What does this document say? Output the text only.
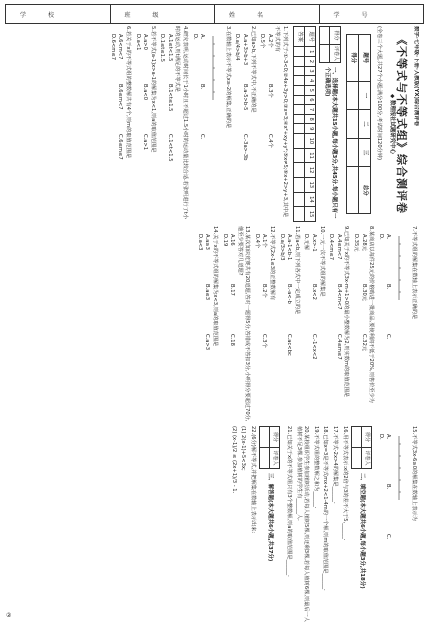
学　校	班　级	姓　名	学　号
数学·七年级·下册·人教版(YX)综合测评卷
《不等式与不等式组》综合测评卷
◆ 数理报社试题研究中心
(全卷三个大题,共27个小题;满分100分,考试时间120分钟)
题号	一	二	三	总分
得分				
得分	评卷人

一、选择题(本大题共15小题,每小题3分,共45分.每小题只有一个正确选项)
题号	1	2	3	4	5	6	7	8	9	10	11	12	13	14	15
答案															
1.下列式子:①-3<0;②4x+3y>0;③x=3;④x²+xy+y²;⑤x≠5;⑥x+2>y+3,其中是不等式的有
A.2个
B.3个
C.4个
D.5个
2.已知a>b,下列不等式中,不正确的是
A.a+3>b+3
B.a-5>b-5
C.-3a>-3b
D.a/4>b/4
3.在数轴上表示不等式x≥-2的解集,正确的是
A.
B.
C.
D.
4.研究表明,运动时间长于1小时且不超过1.5小时的运动量比较合适.若张明进行了t小时的运动,则t满足的不等式是
A.1≤t<1.5
B.1<t≤1.5
C.1<t<1.5
D.1≤t≤1.5
5.若不等式(a-1)x>a-1的解集为x<1,则a的取值范围是
A.a>0
B.a<0
C.a>1
D.a<1
6.若关于x的不等式组的整数解共有4个,则m的取值范围是
A.6<m<7
B.6≤m<7
C.6≤m≤7
D.6<m≤7
7.不等式组的解集在数轴上表示正确的是
A.
B.
C.
D.
8.某商店以每件25元的价格购进一批商品,要使利润不低于20%,则售价至少为
A.28元
B.30元
C.32元
D.35元
9.已知关于x的不等式3x-m+1>0的最小整数解为2,则实数m的取值范围是
A.4≤m<7
B.4<m<7
C.4≤m≤7
D.4<m≤7
10.一元一次不等式组的解集是
A.x>-1
B.x<2
C.-1<x<2
D.无解
11.若a<b,则下列各式中一定成立的是
A.a-1<b-1
B.-a<-b
C.ac<bc
D.a/3>b/3
12.不等式2x-1≤3的正整数解有
A.1个
B.2个
C.3个
D.4个
13.某次知识竞赛共有20道题,答对一题得5分,答错或不答扣3分,小明得分要超过70分,他至少要答对几道题?
A.16
B.17
C.18
D.19
14.关于x的不等式组的解集为x<3,则a的取值范围是
A.a≥3
B.a≤3
C.a>3
D.a<3
15.不等式3x-6≥0的解集在数轴上表示为
A.
B.
C.
D.
得分	评卷人

二、填空题(本大题共6小题,每小题3分,共18分)
16.用不等式表示:x的2倍与3的差不大于5,______.
17.不等式-2x>4的解集是______.
18.已知x=3是不等式mx+2<1-4m的一个解,则m的取值范围是______.
19.不等式组的整数解之和为______.
20.某校组织学生参加植树活动,若每人植树5棵,则还剩3棵,若每人植树6棵,则最后一人植树不足3棵.参加植树的学生有______人.
21.已知关于x的不等式组只有3个整数解,则a的取值范围是______.
得分	评卷人

三、解答题(本大题共6小题,共37分)
22.(6分)解不等式,并把解集在数轴上表示出来:
(1) 2(x-1)+5<3x;
(2) (x-1)/2 ≤ (2x+1)/3 - 1.
②
